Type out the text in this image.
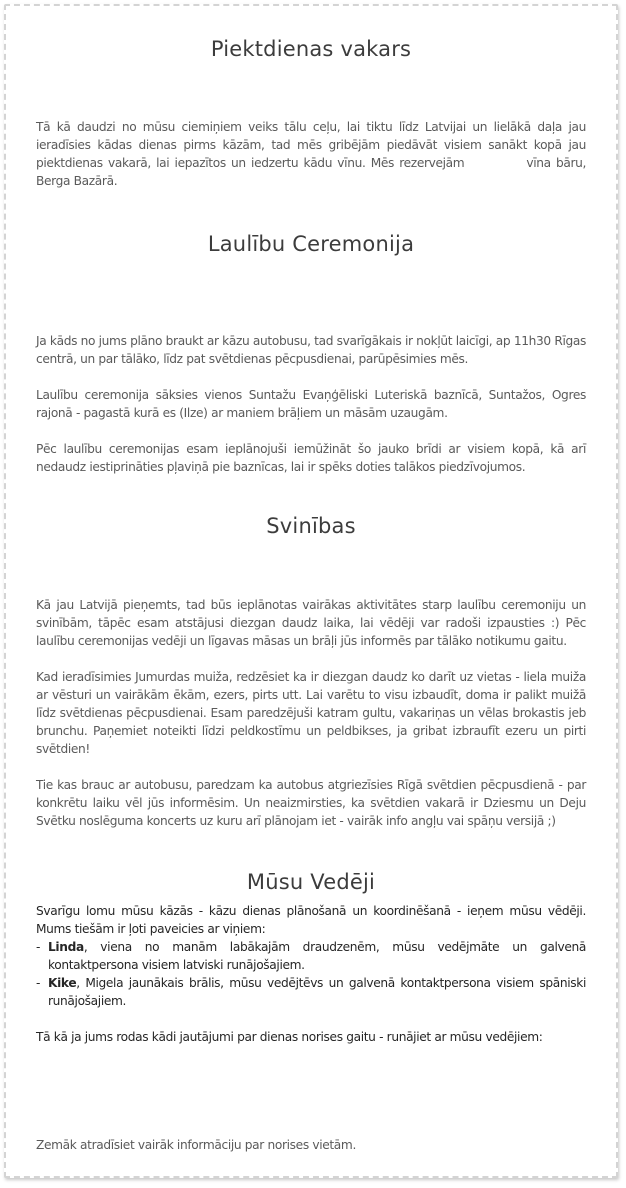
Piektdienas vakars

Tā kā daudzi no mūsu ciemiņiem veiks tālu ceļu, lai tiktu līdz Latvijai un lielākā daļa jau ieradīsies kādas dienas pirms kāzām, tad mēs gribējām piedāvāt visiem sanākt kopā jau piektdienas vakarā, lai iepazītos un iedzertu kādu vīnu. Mēs rezervejām	vīna bāru, Berga Bazārā.

Laulību Ceremonija

Ja kāds no jums plāno braukt ar kāzu autobusu, tad svarīgākais ir nokļūt laicīgi, ap 11h30 Rīgas centrā, un par tālāko, līdz pat svētdienas pēcpusdienai, parūpēsimies mēs.

Laulību ceremonija sāksies vienos Suntažu Evaņģēliski Luteriskā baznīcā, Suntažos, Ogres rajonā - pagastā kurā es (Ilze) ar maniem brāļiem un māsām uzaugām.

Pēc laulību ceremonijas esam ieplānojuši iemūžināt šo jauko brīdi ar visiem kopā, kā arī nedaudz iestiprināties pļaviņā pie baznīcas, lai ir spēks doties talākos piedzīvojumos.

Svinības

Kā jau Latvijā pieņemts, tad būs ieplānotas vairākas aktivitātes starp laulību ceremoniju un svinībām, tāpēc esam atstājusi diezgan daudz laika, lai vēdēji var radoši izpausties :) Pēc laulību ceremonijas vedēji un līgavas māsas un brāļi jūs informēs par tālāko notikumu gaitu.

Kad ieradīsimies Jumurdas muiža, redzēsiet ka ir diezgan daudz ko darīt uz vietas - liela muiža ar vēsturi un vairākām ēkām, ezers, pirts utt. Lai varētu to visu izbaudīt, doma ir palikt muižā līdz svētdienas pēcpusdienai. Esam paredzējuši katram gultu, vakariņas un vēlas brokastis jeb brunchu. Paņemiet noteikti līdzi peldkostīmu un peldbikses, ja gribat izbraufīt ezeru un pirti svētdien!

Tie kas brauc ar autobusu, paredzam ka autobus atgriezīsies Rīgā svētdien pēcpusdienā - par konkrētu laiku vēl jūs informēsim. Un neaizmirsties, ka svētdien vakarā ir Dziesmu un Deju Svētku noslēguma koncerts uz kuru arī plānojam iet - vairāk info angļu vai spāņu versijā ;)

Mūsu Vedēji

Svarīgu lomu mūsu kāzās - kāzu dienas plānošanā un koordinēšanā - ieņem mūsu vēdēji. Mums tiešām ir ļoti paveicies ar viņiem:

- Linda, viena no manām labākajām draudzenēm, mūsu vedējmāte un galvenā kontaktpersona visiem latviski runājošajiem.
- Kike, Migela jaunākais brālis, mūsu vedējtēvs un galvenā kontaktpersona visiem spāniski runājošajiem.

Tā kā ja jums rodas kādi jautājumi par dienas norises gaitu - runājiet ar mūsu vedējiem:

Zemāk atradīsiet vairāk informāciju par norises vietām.
